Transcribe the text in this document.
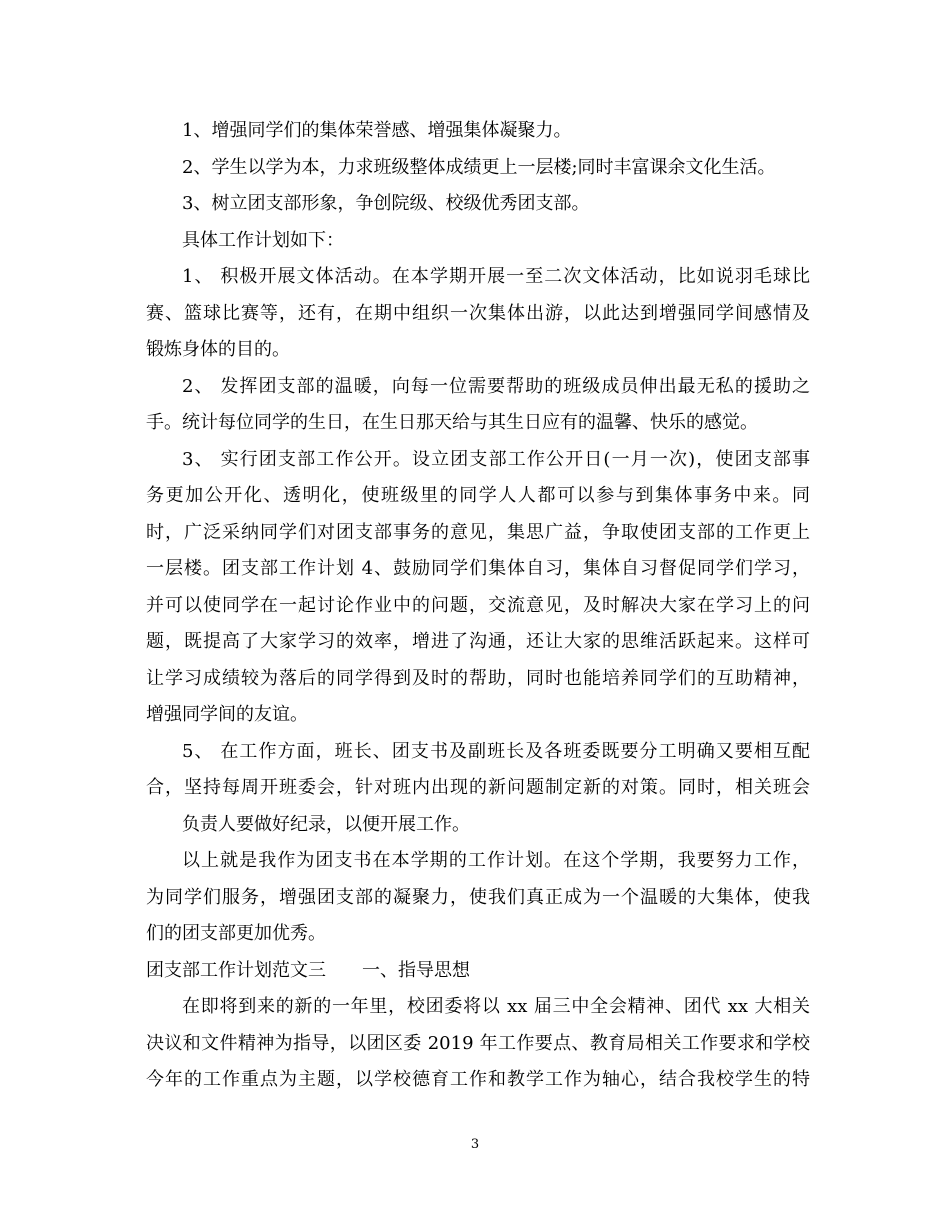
1、增强同学们的集体荣誉感、增强集体凝聚力。
2、学生以学为本，力求班级整体成绩更上一层楼;同时丰富课余文化生活。
3、树立团支部形象，争创院级、校级优秀团支部。
具体工作计划如下：
1、 积极开展文体活动。在本学期开展一至二次文体活动，比如说羽毛球比
赛、篮球比赛等，还有，在期中组织一次集体出游，以此达到增强同学间感情及
锻炼身体的目的。
2、 发挥团支部的温暖，向每一位需要帮助的班级成员伸出最无私的援助之
手。统计每位同学的生日，在生日那天给与其生日应有的温馨、快乐的感觉。
3、 实行团支部工作公开。设立团支部工作公开日(一月一次)，使团支部事
务更加公开化、透明化，使班级里的同学人人都可以参与到集体事务中来。同
时，广泛采纳同学们对团支部事务的意见，集思广益，争取使团支部的工作更上
一层楼。团支部工作计划 4、鼓励同学们集体自习，集体自习督促同学们学习，
并可以使同学在一起讨论作业中的问题，交流意见，及时解决大家在学习上的问
题，既提高了大家学习的效率，增进了沟通，还让大家的思维活跃起来。这样可
让学习成绩较为落后的同学得到及时的帮助，同时也能培养同学们的互助精神，
增强同学间的友谊。
5、 在工作方面，班长、团支书及副班长及各班委既要分工明确又要相互配
合，坚持每周开班委会，针对班内出现的新问题制定新的对策。同时，相关班会
负责人要做好纪录，以便开展工作。
以上就是我作为团支书在本学期的工作计划。在这个学期，我要努力工作，
为同学们服务，增强团支部的凝聚力，使我们真正成为一个温暖的大集体，使我
们的团支部更加优秀。
团支部工作计划范文三　　一、指导思想
在即将到来的新的一年里，校团委将以 xx 届三中全会精神、团代 xx 大相关
决议和文件精神为指导，以团区委 2019 年工作要点、教育局相关工作要求和学校
今年的工作重点为主题，以学校德育工作和教学工作为轴心，结合我校学生的特
3
